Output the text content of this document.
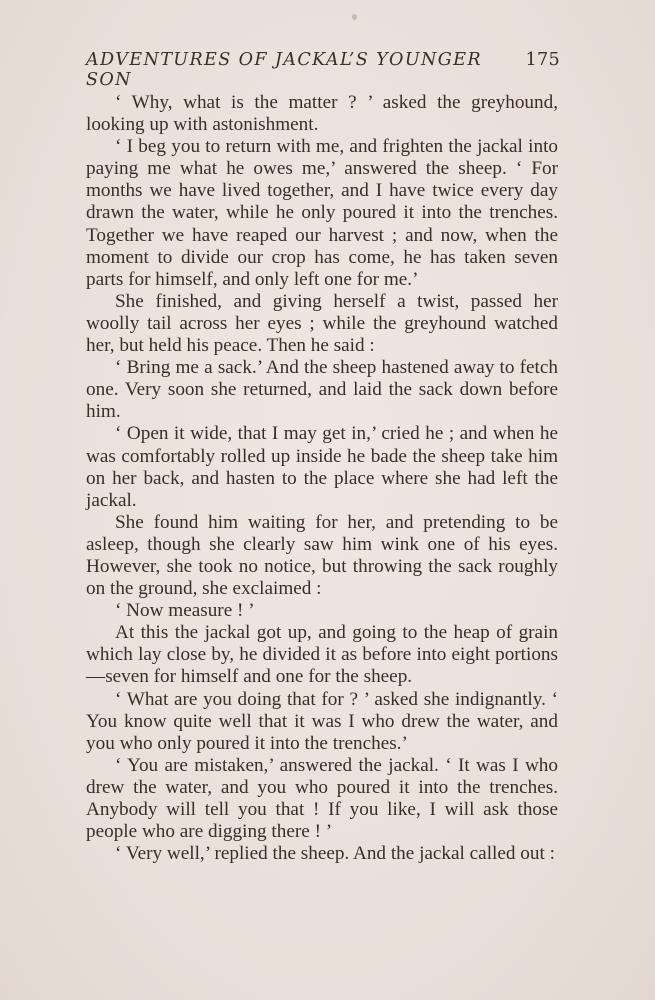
ADVENTURES OF JACKAL’S YOUNGER SON
175

‘ Why, what is the matter ? ’ asked the greyhound, looking up with astonishment.

‘ I beg you to return with me, and frighten the jackal into paying me what he owes me,’ answered the sheep. ‘ For months we have lived together, and I have twice every day drawn the water, while he only poured it into the trenches. Together we have reaped our harvest ; and now, when the moment to divide our crop has come, he has taken seven parts for himself, and only left one for me.’

She finished, and giving herself a twist, passed her woolly tail across her eyes ; while the greyhound watched her, but held his peace. Then he said :

‘ Bring me a sack.’ And the sheep hastened away to fetch one. Very soon she returned, and laid the sack down before him.

‘ Open it wide, that I may get in,’ cried he ; and when he was comfortably rolled up inside he bade the sheep take him on her back, and hasten to the place where she had left the jackal.

She found him waiting for her, and pretending to be asleep, though she clearly saw him wink one of his eyes. However, she took no notice, but throwing the sack roughly on the ground, she exclaimed :

‘ Now measure ! ’

At this the jackal got up, and going to the heap of grain which lay close by, he divided it as before into eight portions—seven for himself and one for the sheep.

‘ What are you doing that for ? ’ asked she indignantly. ‘ You know quite well that it was I who drew the water, and you who only poured it into the trenches.’

‘ You are mistaken,’ answered the jackal. ‘ It was I who drew the water, and you who poured it into the trenches. Anybody will tell you that ! If you like, I will ask those people who are digging there ! ’

‘ Very well,’ replied the sheep. And the jackal called out :
